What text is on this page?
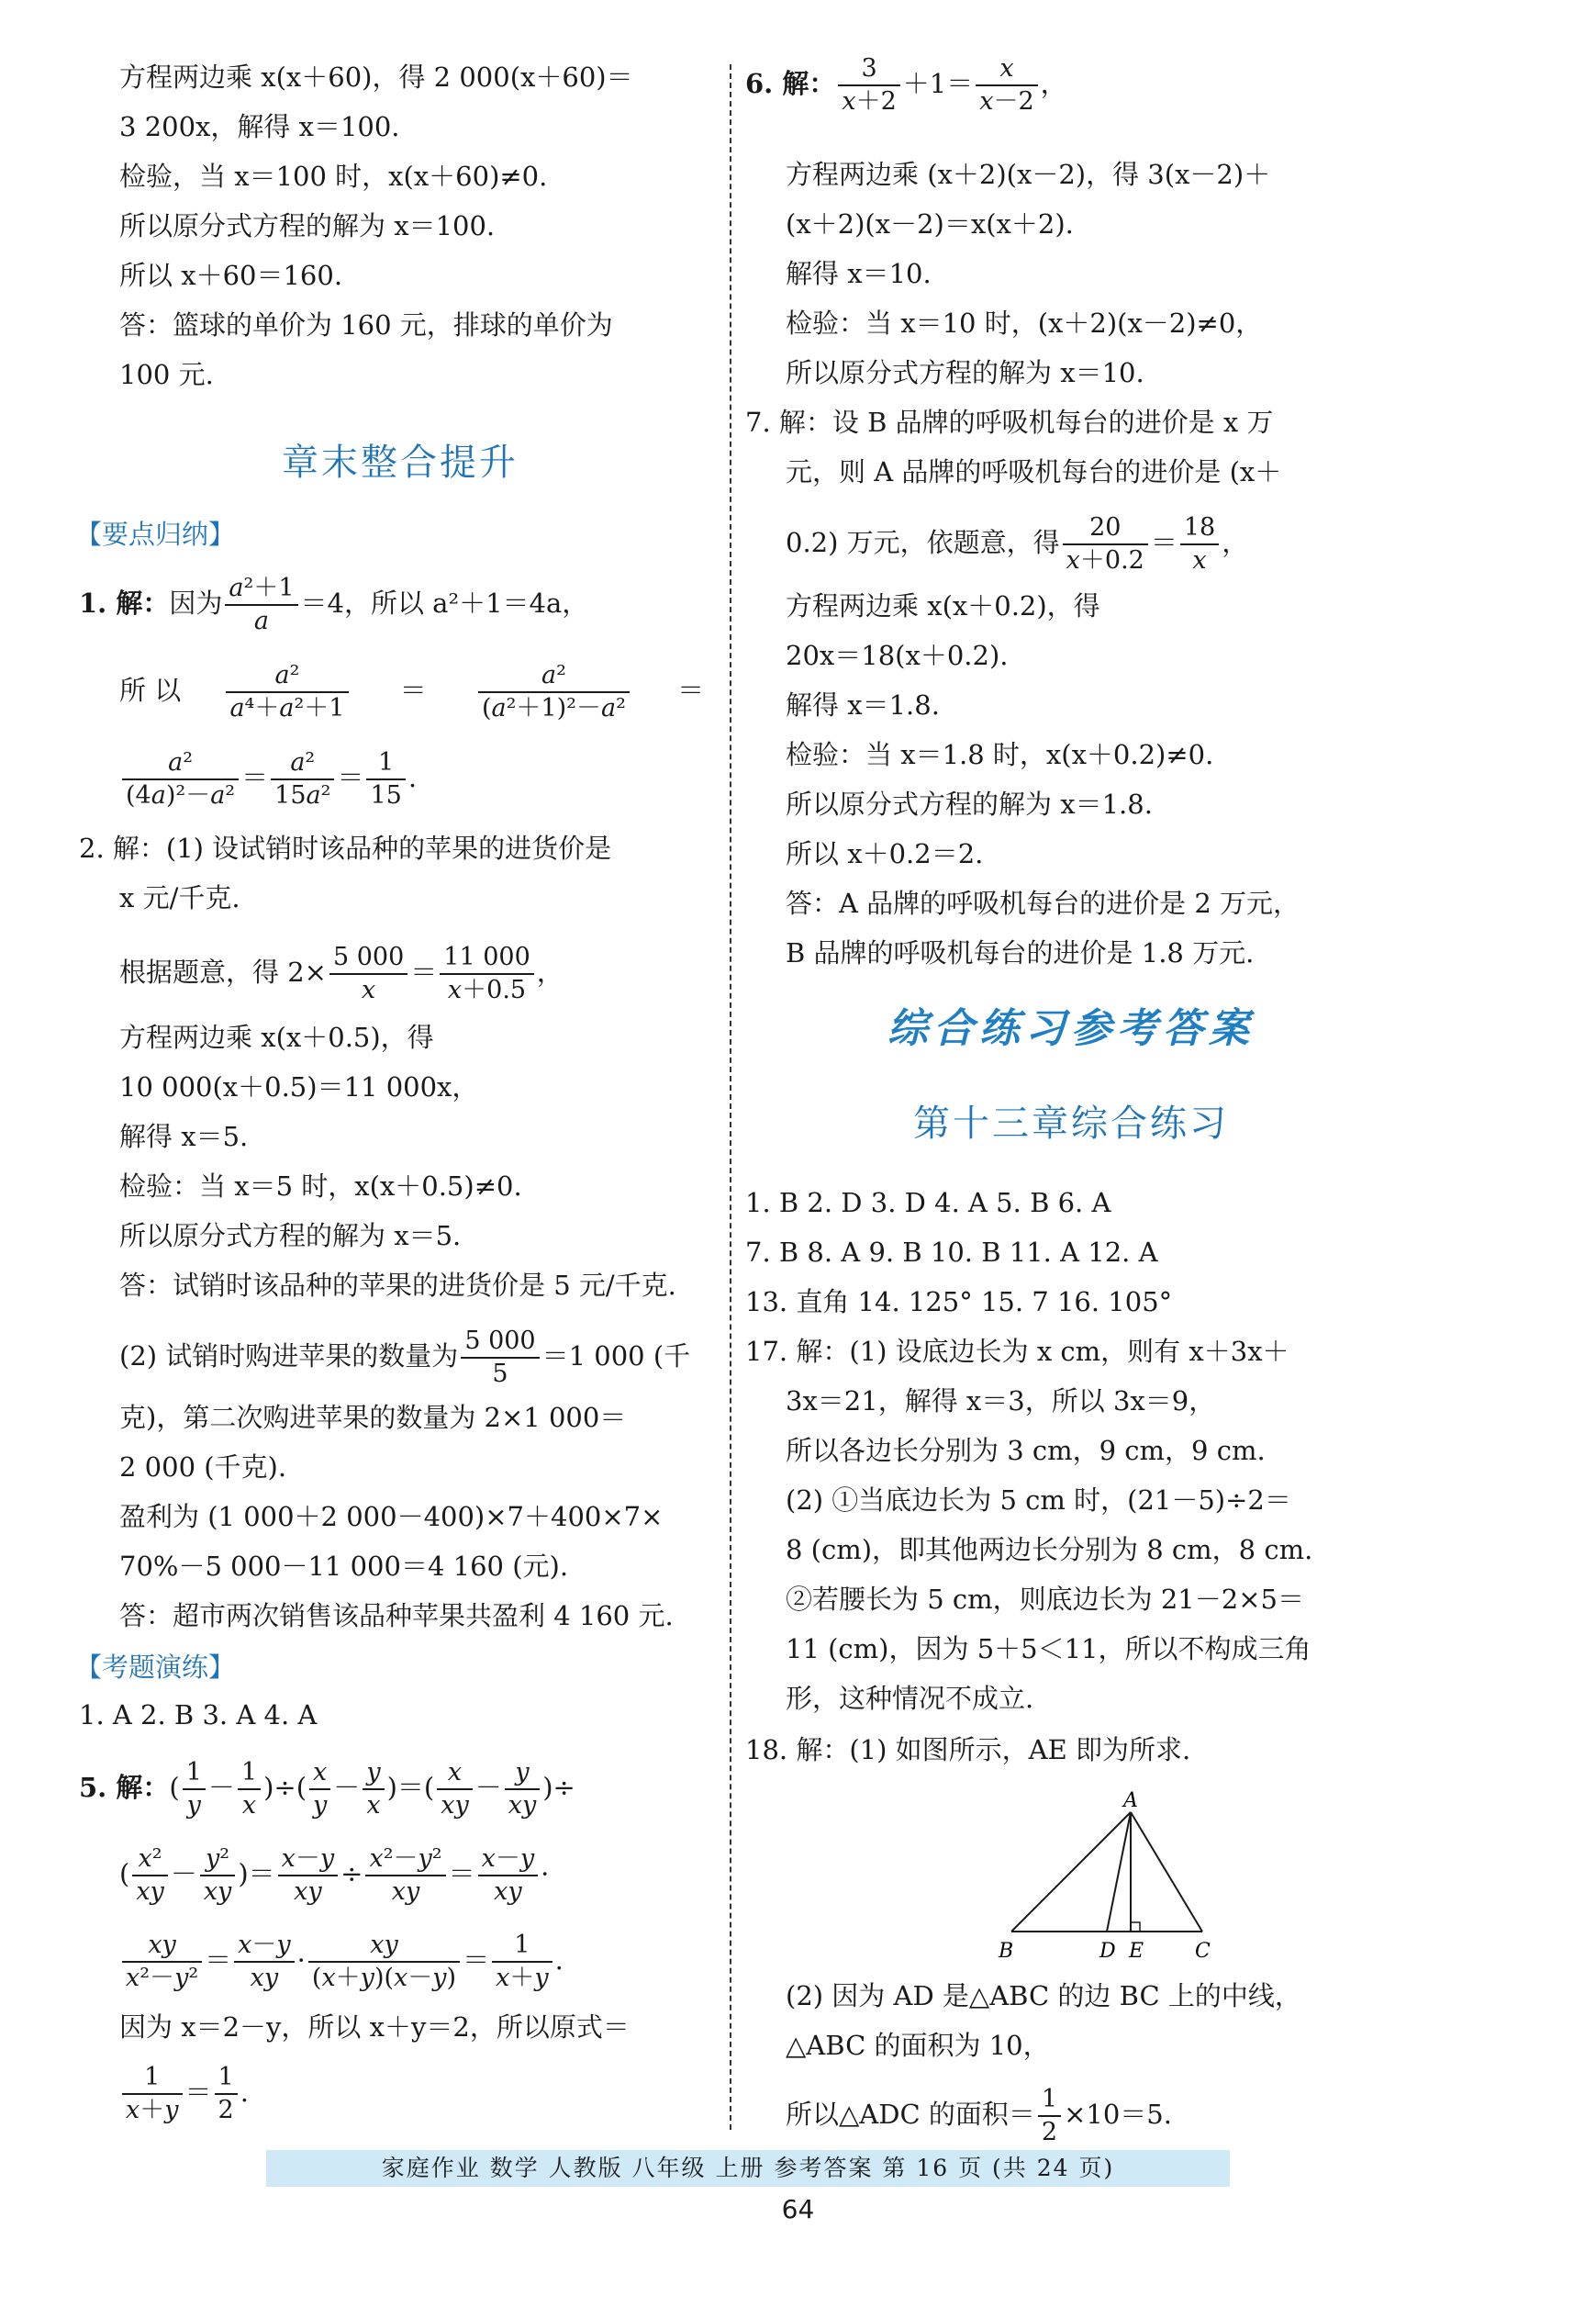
方程两边乘 x(x＋60)，得 2 000(x＋60)＝
3 200x，解得 x＝100.
检验，当 x＝100 时，x(x＋60)≠0.
所以原分式方程的解为 x＝100.
所以 x＋60＝160.
答：篮球的单价为 160 元，排球的单价为
100 元.
章末整合提升
【要点归纳】
1. 解：因为 $\frac{\text{a²＋1}}{a} =4$，所以 a²＋1＝4a，
所 以 $\frac{\text{a²}}{\text{a⁴＋a²＋1}} = \frac{\text{a²}}{\text{(a²＋1)²－a²}}$ ＝
$\frac{\text{a²}}{\text{(4a)²－a²}} = \frac{\text{a²}}{\text{15a²}} = \frac{1}{15}$ .
2. 解：(1) 设试销时该品种的苹果的进货价是
x 元/千克.
根据题意，得 $2\times \frac{5 000}{x} = \frac{11 000}{x+0.5}$ ，
方程两边乘 x(x＋0.5)，得
10 000(x＋0.5)＝11 000x，
解得 x＝5.
检验：当 x＝5 时，x(x＋0.5)≠0.
所以原分式方程的解为 x＝5.
答：试销时该品种的苹果的进货价是 5 元/千克.
(2) 试销时购进苹果的数量为 $\frac{5 000}{5} =1$ 000 (千
克)，第二次购进苹果的数量为 2×1 000＝
2 000 (千克).
盈利为 (1 000＋2 000－400)×7＋400×7×
70%－5 000－11 000＝4 160 (元).
答：超市两次销售该品种苹果共盈利 4 160 元.
【考题演练】
1. A 2. B 3. A 4. A
5. 解：( $\frac{1}{y} - \frac{1}{x}$ )÷( $\frac{x}{y} - \frac{y}{x}$ )＝( $\frac{x}{xy} - \frac{y}{xy}$ )÷
( $\frac{\text{x²}}{xy} - \frac{\text{y²}}{xy}$ )＝ $\frac{x-y}{xy} \div \frac{\text{x²－y²}}{xy} = \frac{x-y}{xy}$ ·
$\frac{xy}{\text{x²－y²}} = \frac{x-y}{xy} \cdot \frac{xy}{(x+y)(x-y)} = \frac{1}{x+y}$ .
因为 x＝2－y，所以 x＋y＝2，所以原式＝
$\frac{1}{x+y} = \frac{1}{2}$ .
6. 解： $\frac{3}{x+2} +1= \frac{x}{x-2}$ ，
方程两边乘 (x＋2)(x－2)，得 3(x－2)＋
(x＋2)(x－2)＝x(x＋2).
解得 x＝10.
检验：当 x＝10 时，(x＋2)(x－2)≠0，
所以原分式方程的解为 x＝10.
7. 解：设 B 品牌的呼吸机每台的进价是 x 万
元，则 A 品牌的呼吸机每台的进价是 (x＋
0.2) 万元，依题意，得 $\frac{20}{x+0.2} = \frac{18}{x}$ ，
方程两边乘 x(x＋0.2)，得
20x＝18(x＋0.2).
解得 x＝1.8.
检验：当 x＝1.8 时，x(x＋0.2)≠0.
所以原分式方程的解为 x＝1.8.
所以 x＋0.2＝2.
答：A 品牌的呼吸机每台的进价是 2 万元，
B 品牌的呼吸机每台的进价是 1.8 万元.
综合练习参考答案
第十三章综合练习
1. B 2. D 3. D 4. A 5. B 6. A
7. B 8. A 9. B 10. B 11. A 12. A
13. 直角 14. 125° 15. 7 16. 105°
17. 解：(1) 设底边长为 x cm，则有 x＋3x＋
3x＝21，解得 x＝3，所以 3x＝9，
所以各边长分别为 3 cm，9 cm，9 cm.
(2) ①当底边长为 5 cm 时，(21－5)÷2＝
8 (cm)，即其他两边长分别为 8 cm，8 cm.
②若腰长为 5 cm，则底边长为 21－2×5＝
11 (cm)，因为 5＋5＜11，所以不构成三角
形，这种情况不成立.
18. 解：(1) 如图所示，AE 即为所求.
A
B	C
D E
(2) 因为 AD 是△ABC 的边 BC 上的中线，
△ABC 的面积为 10，
所以△ADC 的面积＝ $\frac{1}{2} \times 10=5$.
家庭作业 数学 人教版 八年级 上册 参考答案 第 16 页 (共 24 页)
64
